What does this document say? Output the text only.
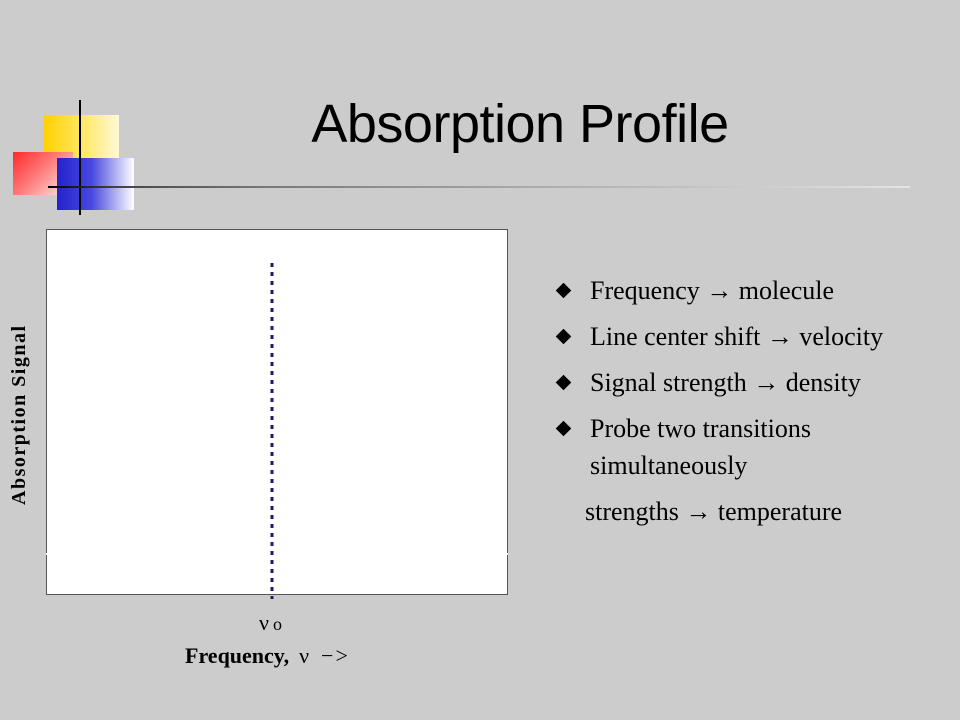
Absorption Profile
Absorption Signal
ν o
Frequency, ν −>
Frequency → molecule
Line center shift → velocity
Signal strength → density
Probe two transitions
simultaneously
strengths → temperature
